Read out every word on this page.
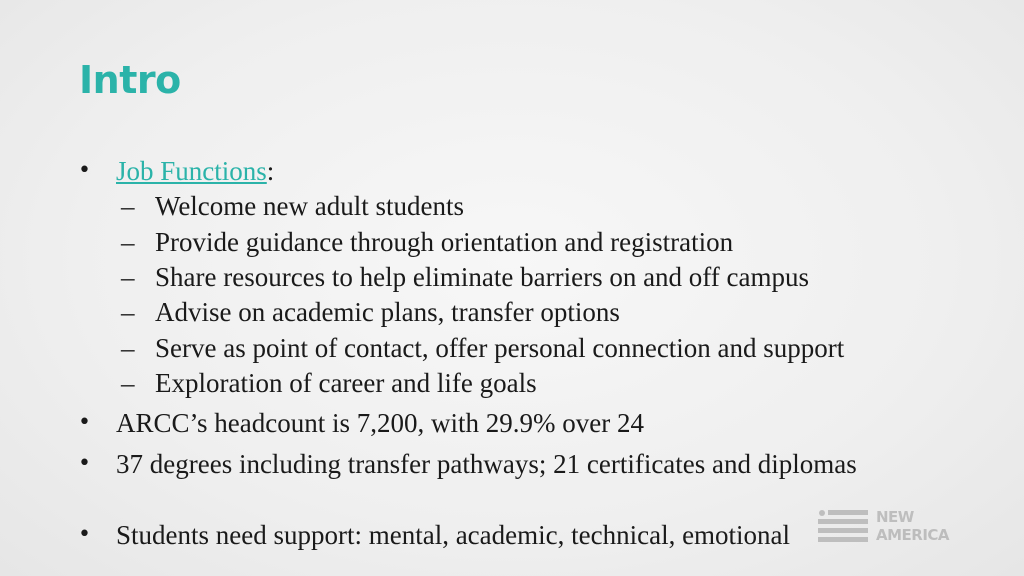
Intro
• Job Functions:
– Welcome new adult students
– Provide guidance through orientation and registration
– Share resources to help eliminate barriers on and off campus
– Advise on academic plans, transfer options
– Serve as point of contact, offer personal connection and support
– Exploration of career and life goals
• ARCC’s headcount is 7,200, with 29.9% over 24
• 37 degrees including transfer pathways; 21 certificates and diplomas
• Students need support: mental, academic, technical, emotional
NEW
AMERICA
